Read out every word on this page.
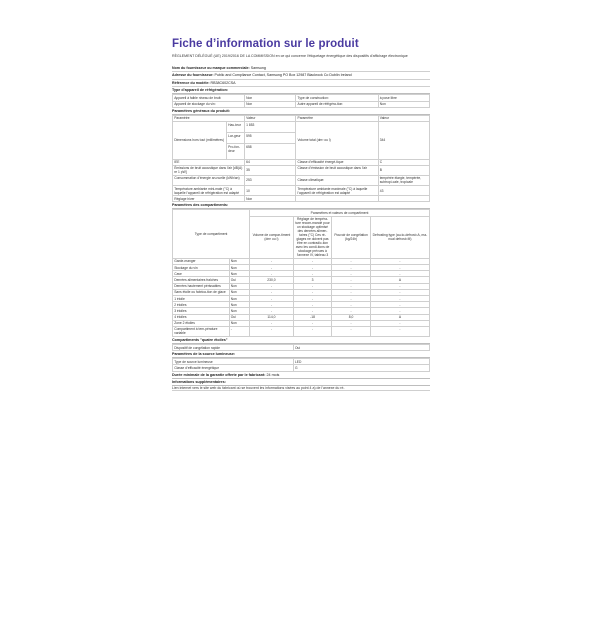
Fiche d’information sur le produit
RÈGLEMENT DÉLÉGUÉ (UE) 2019/2016 DE LA COMMISSION en ce qui concerne l’étiquetage énergétique des dispositifs d’affichage électronique
Nom du fournisseur ou marque commerciale: Samsung
Adresse du fournisseur: Public and Compliance Contact, Samsung PO Box 12987 Blackrock Co Dublin Ireland
Référence du modèle: RB38C602CSA
Type d’appareil de réfrigération:
Appareil à faible niveau de bruit:	Non	Type de construction:	à pose libre
Appareil de stockage du vin:	Non	Autre appareil de réfrigéra-tion:	Non
Paramètres généraux du produit:
Paramètre		Valeur	Paramètre	Valeur
Dimensions hors tout (millimètres)	Hau-teur	1 853	Volume total (dm³ ou l)	344
	Lar-geur	595		
	Pro-fon-deur	658		
IEE		64	Classe d’efficacité énergé-tique	C
Émissions de bruit acoustique dans l’air [dB(A) re 1 pW]		35	Classe d’émission de bruit acoustique dans l’air	B
Consommation d’énergie an-nuelle (kWh/an)		253	Classe climatique:	tempérée élargie, tempérée, subtropi-cale, tropicale
Température ambiante mini-male (°C) à laquelle l’appareil de réfrigération est adapté		10	Température ambiante maximale (°C) à laquelle l’appareil de réfrigération est adapté	43
Réglage hiver		Non		
Paramètres des compartiments:
Type de compartiment		Paramètres et valeurs de compartiment			
		Volume de compar-timent (dm³ ou l)	Réglage de tempéra-ture recom-mandé pour un stockage optimisé des denrées alimen-taires (°C) Ces ré-glages ne doivent pas être en contradic-tion avec les condi-tions de stockage prévues à l’annexe IV, tableau 3	Pouvoir de congélation (kg/24h)	Defrosting type (au-to-defrost=A, ma-nual defrost=M)
Garde-manger	Non	-	-	-	-
Stockage du vin	Non	-	-	-	-
Cave	Non	-	-	-	-
Denrées alimentaires fraîches	Oui	230,0	3	-	A
Denrées hautement périssables	Non	-	-	-	-
Sans étoile ou fabrica-tion de glace	Non	-	-	-	-
1 étoile	Non	-	-	-	-
2 étoiles	Non	-	-	-	-
3 étoiles	Non	-	-	-	-
4 étoiles	Oui	114,0	-18	8,0	A
Zone 2 étoiles	Non	-	-	-	-
Compartiment à tem-pérature variable	-	-	-	-	-
Compartiments "quatre étoiles"
Dispositif de congélation rapide	Oui
Paramètres de la source lumineuse:
Type de source lumineuse	LED
Classe d’efficacité énergétique	G
Durée minimale de la garantie offerte par le fabricant: 24 mois
Informations supplémentaires:
Lien internet vers le site web du fabricant où se trouvent les informations visées au point 4 a) de l’annexe du rè-
